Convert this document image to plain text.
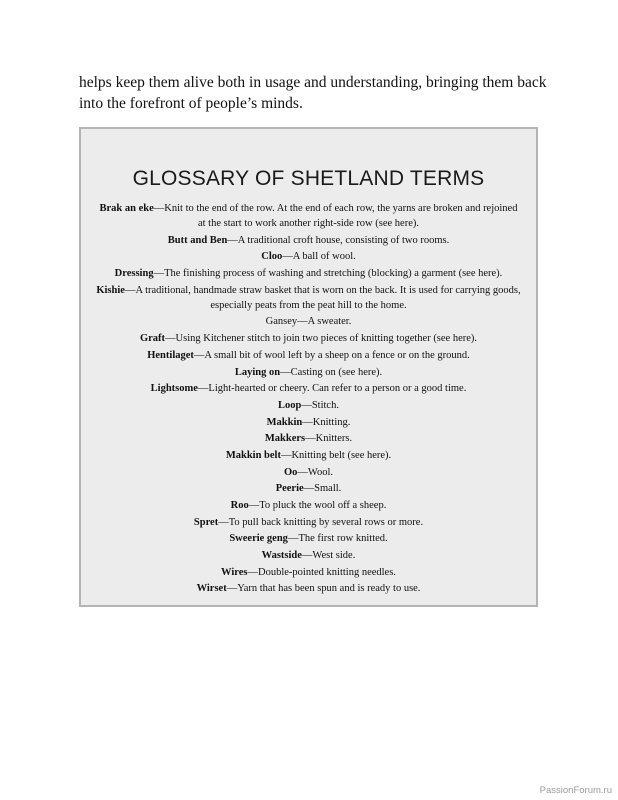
helps keep them alive both in usage and understanding, bringing them back into the forefront of people’s minds.

GLOSSARY OF SHETLAND TERMS
Brak an eke—Knit to the end of the row. At the end of each row, the yarns are broken and rejoined at the start to work another right-side row (see here).
Butt and Ben—A traditional croft house, consisting of two rooms.
Cloo—A ball of wool.
Dressing—The finishing process of washing and stretching (blocking) a garment (see here).
Kishie—A traditional, handmade straw basket that is worn on the back. It is used for carrying goods, especially peats from the peat hill to the home.
Gansey—A sweater.
Graft—Using Kitchener stitch to join two pieces of knitting together (see here).
Hentilaget—A small bit of wool left by a sheep on a fence or on the ground.
Laying on—Casting on (see here).
Lightsome—Light-hearted or cheery. Can refer to a person or a good time.
Loop—Stitch.
Makkin—Knitting.
Makkers—Knitters.
Makkin belt—Knitting belt (see here).
Oo—Wool.
Peerie—Small.
Roo—To pluck the wool off a sheep.
Spret—To pull back knitting by several rows or more.
Sweerie geng—The first row knitted.
Wastside—West side.
Wires—Double-pointed knitting needles.
Wirset—Yarn that has been spun and is ready to use.
PassionForum.ru
